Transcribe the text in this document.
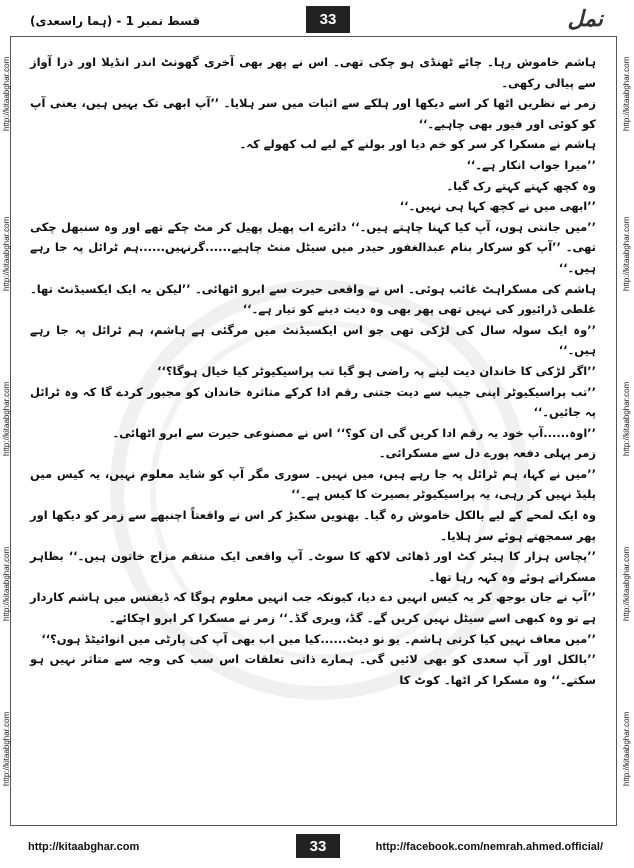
قسط نمبر 1 - (ہما راسعدی)	33	نمل
http://kitaabghar.com
http://kitaabghar.com
http://kitaabghar.com
http://kitaabghar.com
http://kitaabghar.com
http://kitaabghar.com
http://kitaabghar.com
http://kitaabghar.com
http://kitaabghar.com
http://kitaabghar.com

ہاشم خاموش رہا۔ چائے ٹھنڈی ہو چکی تھی۔ اس نے پھر بھی آخری گھونٹ اندر انڈیلا اور ذرا آواز سے پیالی رکھی۔

زمر نے نظریں اٹھا کر اسے دیکھا اور ہلکے سے اثبات میں سر ہلایا۔ ’’آپ ابھی تک یہیں ہیں، یعنی آپ کو کوئی اور فیور بھی چاہیے۔‘‘

ہاشم نے مسکرا کر سر کو خم دیا اور بولنے کے لیے لب کھولے کہ۔

’’میرا جواب انکار ہے۔‘‘

وہ کچھ کہتے کہتے رک گیا۔

’’ابھی میں نے کچھ کہا ہی نہیں۔‘‘

’’میں جانتی ہوں، آپ کیا کہنا چاہتے ہیں۔‘‘ دائرے اب پھیل پھیل کر مٹ چکے تھے اور وہ سنبھل چکی تھی۔ ’’آپ کو سرکار بنام عبدالغفور حیدر میں سیٹل منٹ چاہیے......گرنہیں......ہم ٹرائل پہ جا رہے ہیں۔‘‘

ہاشم کی مسکراہٹ غائب ہوئی۔ اس نے واقعی حیرت سے ابرو اٹھائی۔ ’’لیکن یہ ایک ایکسیڈنٹ تھا۔ غلطی ڈرائیور کی نہیں تھی پھر بھی وہ دیت دینے کو تیار ہے۔‘‘

’’وہ ایک سولہ سال کی لڑکی تھی جو اس ایکسیڈنٹ میں مرگئی ہے ہاشم، ہم ٹرائل پہ جا رہے ہیں۔‘‘

’’اگر لڑکی کا خاندان دیت لینے پہ راضی ہو گیا تب پراسیکیوٹر کیا خیال ہوگا؟‘‘

’’تب پراسیکیوٹر اپنی جیب سے دیت جتنی رقم ادا کرکے متاثرہ خاندان کو مجبور کردے گا کہ وہ ٹرائل پہ جائیں۔‘‘

’’اوہ......آپ خود یہ رقم ادا کریں گی ان کو؟‘‘ اس نے مصنوعی حیرت سے ابرو اٹھائی۔

زمر پہلی دفعہ پورے دل سے مسکرائی۔

’’میں نے کہا، ہم ٹرائل پہ جا رہے ہیں، میں نہیں۔ سوری مگر آپ کو شاید معلوم نہیں، یہ کیس میں پلیڈ نہیں کر رہی، یہ پراسیکیوٹر بصیرت کا کیس ہے۔‘‘

وہ ایک لمحے کے لیے بالکل خاموش رہ گیا۔ بھنویں سکیڑ کر اس نے واقعتاً اچنبھے سے زمر کو دیکھا اور پھر سمجھتے ہوئے سر ہلایا۔

’’پچاس ہزار کا ہیئر کٹ اور ڈھائی لاکھ کا سوٹ۔ آپ واقعی ایک منتقم مزاج خاتون ہیں۔‘‘ بظاہر مسکراتے ہوئے وہ کہہ رہا تھا۔

’’آپ نے جان بوجھ کر یہ کیس انہیں دے دیا، کیونکہ جب انہیں معلوم ہوگا کہ ڈیفنس میں ہاشم کاردار ہے تو وہ کبھی اسے سیٹل نہیں کریں گے۔ گڈ، ویری گڈ۔‘‘ زمر نے مسکرا کر ابرو اچکائے۔

’’میں معاف نہیں کیا کرتی ہاشم۔ یو نو دیٹ......کیا میں اب بھی آپ کی پارٹی میں انوائیٹڈ ہوں؟‘‘

’’بالکل اور آپ سعدی کو بھی لائیں گی۔ ہمارے ذاتی تعلقات اس سب کی وجہ سے متاثر نہیں ہو سکتے۔‘‘ وہ مسکرا کر اٹھا۔ کوٹ کا

http://kitaabghar.com	33	http://facebook.com/nemrah.ahmed.official/
